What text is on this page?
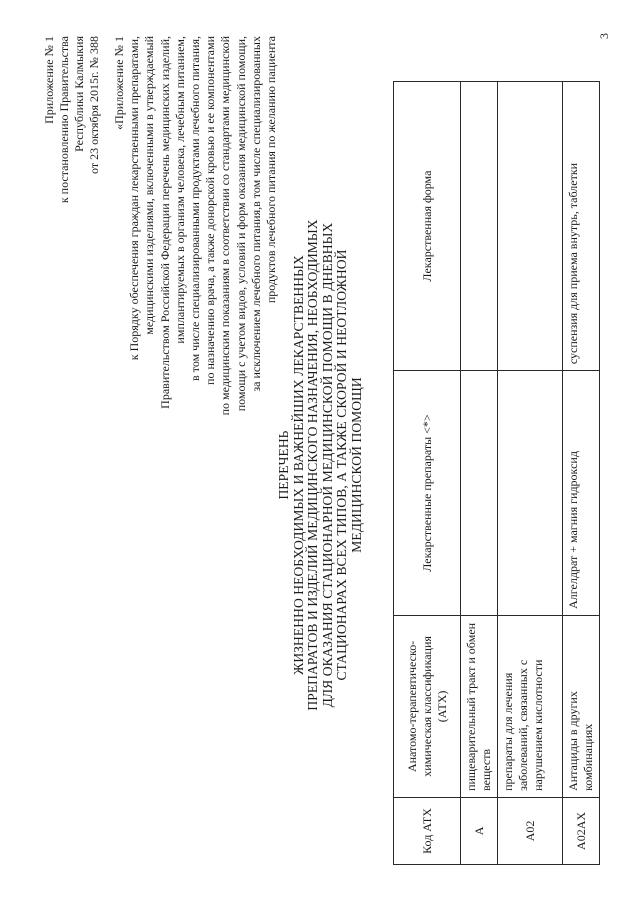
Приложение № 1 к постановлению Правительства Республики Калмыкия от 23 октября 2015г. № 388 «Приложение № 1 к Порядку обеспечения граждан лекарственными препаратами, медицинскими изделиями, включенными в утверждаемый Правительством Российской Федерации перечень медицинских изделий, имплантируемых в организм человека, лечебным питанием, в том числе специализированными продуктами лечебного питания, по назначению врача, а также донорской кровью и ее компонентами по медицинским показаниям в соответствии со стандартами медицинской помощи с учетом видов, условий и форм оказания медицинской помощи, за исключением лечебного питания,в том числе специализированных продуктов лечебного питания по желанию пациента
ПЕРЕЧЕНЬ ЖИЗНЕННО НЕОБХОДИМЫХ И ВАЖНЕЙШИХ ЛЕКАРСТВЕННЫХ ПРЕПАРАТОВ И ИЗДЕЛИЙ МЕДИЦИНСКОГО НАЗНАЧЕНИЯ, НЕОБХОДИМЫХ ДЛЯ ОКАЗАНИЯ СТАЦИОНАРНОЙ МЕДИЦИНСКОЙ ПОМОЩИ В ДНЕВНЫХ СТАЦИОНАРАХ ВСЕХ ТИПОВ, А ТАКЖЕ СКОРОЙ И НЕОТЛОЖНОЙ МЕДИЦИНСКОЙ ПОМОЩИ
Код АТХ	Анатомо-терапевтическо-химическая классификация (АТХ)	Лекарственные препараты <*>	Лекарственная форма
А	пищеварительный тракт и обмен веществ		
А02	препараты для лечения заболеваний, связанных с нарушением кислотности		
А02АХ	Антациды в других комбинациях	Алгелдрат + магния гидроксид	суспензия для приема внутрь, таблетки
3
